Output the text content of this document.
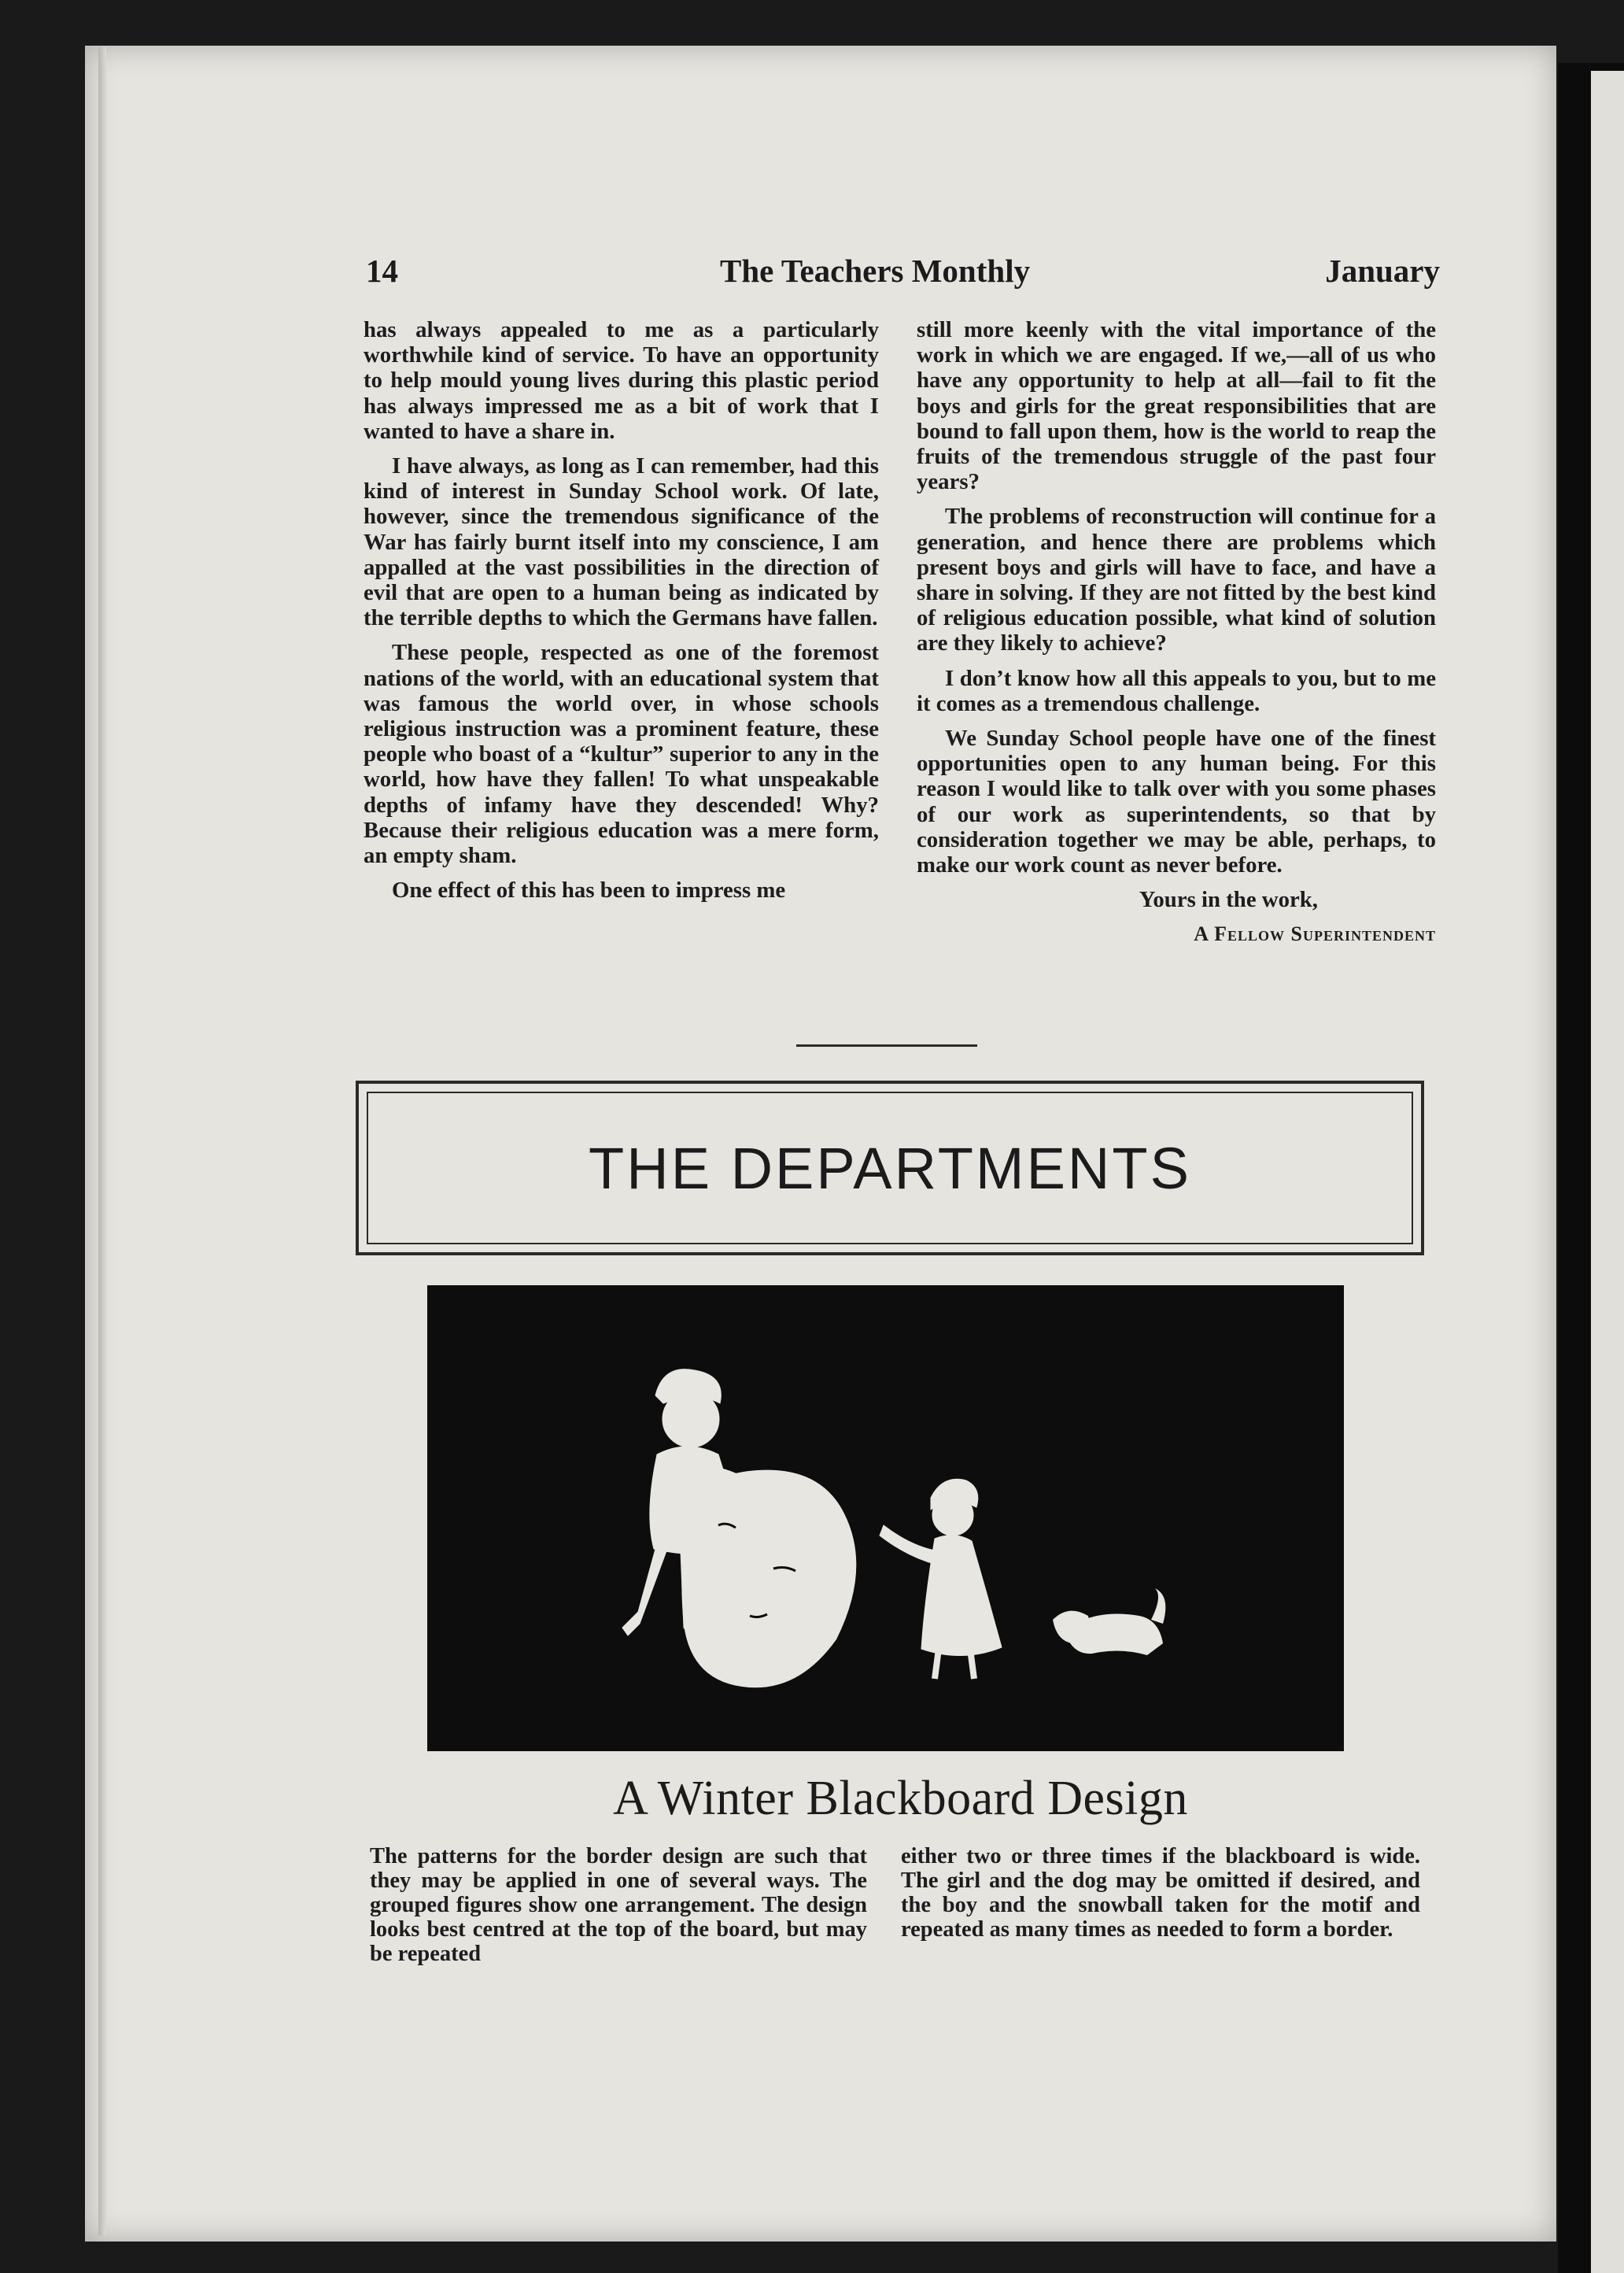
14	The Teachers Monthly	January

has always appealed to me as a particularly worthwhile kind of service. To have an opportunity to help mould young lives during this plastic period has always impressed me as a bit of work that I wanted to have a share in.

I have always, as long as I can remember, had this kind of interest in Sunday School work. Of late, however, since the tremendous significance of the War has fairly burnt itself into my conscience, I am appalled at the vast possibilities in the direction of evil that are open to a human being as indicated by the terrible depths to which the Germans have fallen.

These people, respected as one of the foremost nations of the world, with an educational system that was famous the world over, in whose schools religious instruction was a prominent feature, these people who boast of a “kultur” superior to any in the world, how have they fallen! To what unspeakable depths of infamy have they descended! Why? Because their religious education was a mere form, an empty sham.

One effect of this has been to impress me

still more keenly with the vital importance of the work in which we are engaged. If we,—all of us who have any opportunity to help at all—fail to fit the boys and girls for the great responsibilities that are bound to fall upon them, how is the world to reap the fruits of the tremendous struggle of the past four years?

The problems of reconstruction will continue for a generation, and hence there are problems which present boys and girls will have to face, and have a share in solving. If they are not fitted by the best kind of religious education possible, what kind of solution are they likely to achieve?

I don’t know how all this appeals to you, but to me it comes as a tremendous challenge.

We Sunday School people have one of the finest opportunities open to any human being. For this reason I would like to talk over with you some phases of our work as superintendents, so that by consideration together we may be able, perhaps, to make our work count as never before.

Yours in the work,

A Fellow Superintendent

THE DEPARTMENTS
A Winter Blackboard Design

The patterns for the border design are such that they may be applied in one of several ways. The grouped figures show one arrangement. The design looks best centred at the top of the board, but may be repeated

either two or three times if the blackboard is wide. The girl and the dog may be omitted if desired, and the boy and the snowball taken for the motif and repeated as many times as needed to form a border.
